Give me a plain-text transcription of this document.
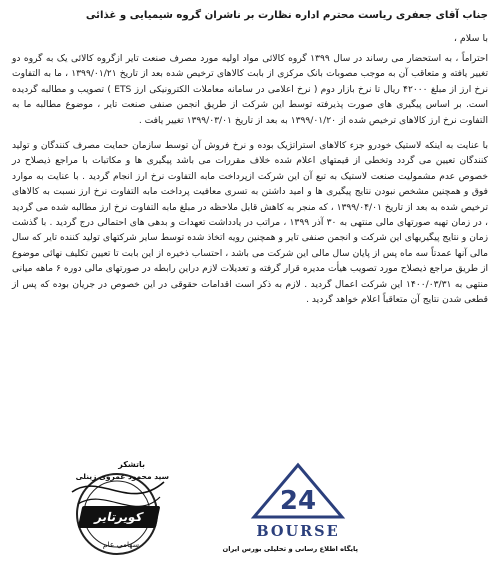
جناب آقای جعفری ریاست محترم اداره نظارت بر ناشران گروه شیمیایی و غذائی
با سلام ،

احتراماً ، به استحضار می رساند در سال ۱۳۹۹ گروه کالائی مواد اولیه مورد مصرف صنعت تایر ازگروه کالائی یک به گروه دو تغییر یافته و متعاقب آن به موجب مصوبات بانک مرکزی از بابت کالاهای ترخیص شده بعد از تاریخ ۱۳۹۹/۰۱/۲۱ ، ما به التفاوت نرخ ارز از مبلغ ۴۲۰۰۰ ریال تا نرخ بازار دوم ( نرخ اعلامی در سامانه معاملات الکترونیکی ارز ETS ) تصویب و مطالبه گردیده است. بر اساس پیگیری های صورت پذیرفته توسط این شرکت از طریق انجمن صنفی صنعت تایر ، موضوع مطالبه ما به التفاوت نرخ ارز کالاهای ترخیص شده از ۱۳۹۹/۰۱/۲۰ به بعد از تاریخ ۱۳۹۹/۰۳/۰۱ تغییر یافت .

با عنایت به اینکه لاستیک خودرو جزء کالاهای استراتژیک بوده و نرخ فروش آن توسط سازمان حمایت مصرف کنندگان و تولید کنندگان تعیین می گردد وتخطی از قیمتهای اعلام شده خلاف مقررات می باشد پیگیری ها و مکاتبات با مراجع ذیصلاح در خصوص عدم مشمولیت صنعت لاستیک به تبع آن این شرکت ازپرداخت مابه التفاوت نرخ ارز انجام گردید . با عنایت به موارد فوق و همچنین مشخص نبودن نتایج پیگیری ها و امید داشتن به تسری معافیت پرداخت مابه التفاوت نرخ ارز نسبت به کالاهای ترخیص شده به بعد از تاریخ ۱۳۹۹/۰۴/۰۱ ، که منجر به کاهش قابل ملاحظه در مبلغ مابه التفاوت نرخ ارز مطالبه شده می گردید ، در زمان تهیه صورتهای مالی منتهی به ۳۰ آذر ۱۳۹۹ ، مراتب در یادداشت تعهدات و بدهی های احتمالی درج گردید . با گذشت زمان و نتایج پیگیریهای این شرکت و انجمن صنفی تایر و همچنین رویه اتخاذ شده توسط سایر شرکتهای تولید کننده تایر که سال مالی آنها عمدتاً سه ماه پس از پایان سال مالی این شرکت می باشد ، احتساب ذخیره از این بابت تا تعیین تکلیف نهائی موضوع از طریق مراجع ذیصلاح مورد تصویب هیأت مدیره قرار گرفته و تعدیلات لازم دراین رابطه در صورتهای مالی دوره ۶ ماهه میانی منتهی به ۱۴۰۰/۰۳/۳۱ این شرکت اعمال گردید . لازم به ذکر است اقدامات حقوقی در این خصوص در جریان بوده که پس از قطعی شدن نتایج آن متعاقباً اعلام خواهد گردید .

باتشکر
سید محمود عمروی زینلی
کویرتایر
سهامی عام
24
BOURSE
پایگاه اطلاع رسانی و تحلیلی بورس ایران
